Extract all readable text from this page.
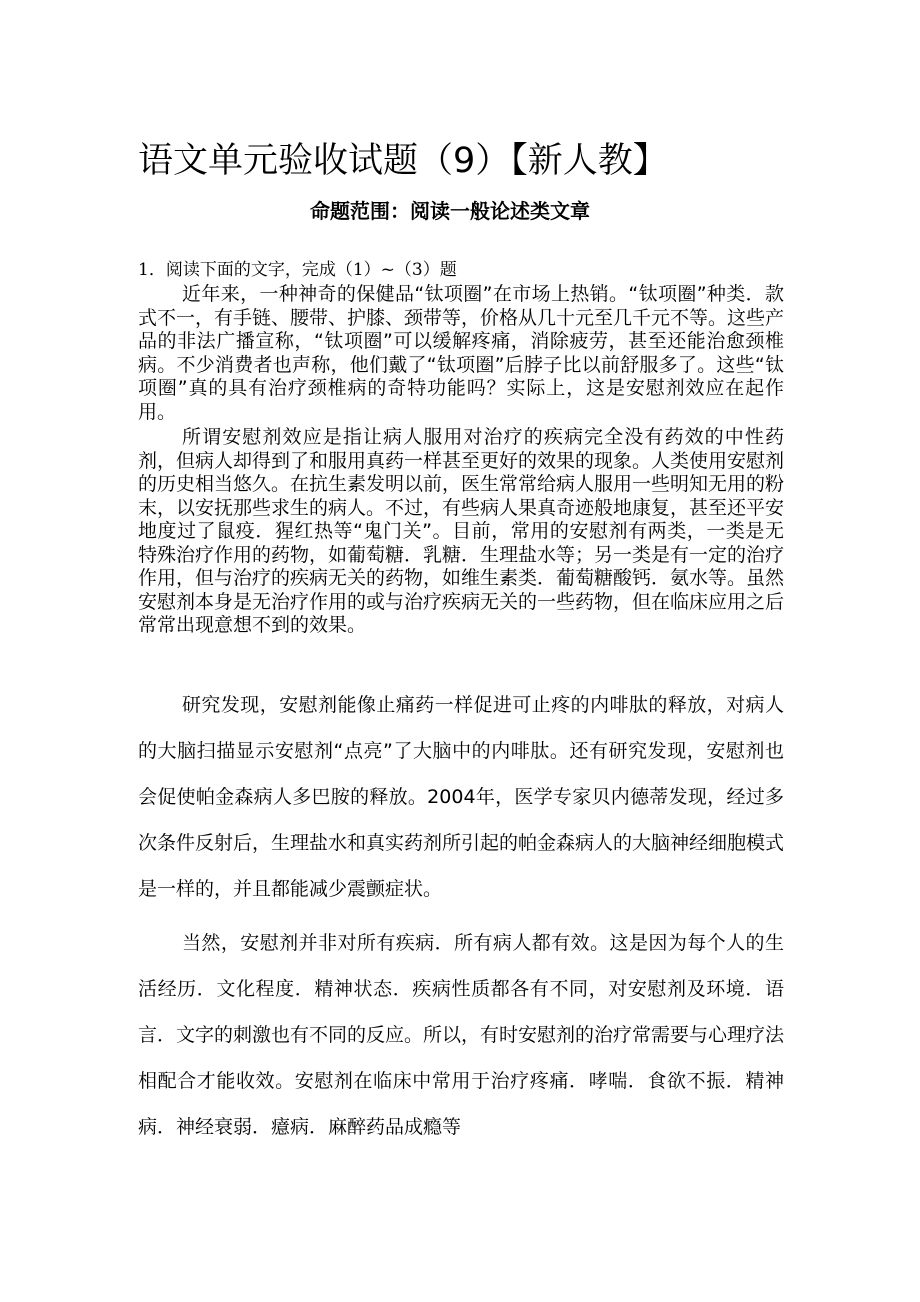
语文单元验收试题（9）【新人教】
命题范围：阅读一般论述类文章
1．阅读下面的文字，完成（1）~（3）题

近年来，一种神奇的保健品“钛项圈”在市场上热销。“钛项圈”种类．款式不一，有手链、腰带、护膝、颈带等，价格从几十元至几千元不等。这些产品的非法广播宣称，“钛项圈”可以缓解疼痛，消除疲劳，甚至还能治愈颈椎病。不少消费者也声称，他们戴了“钛项圈”后脖子比以前舒服多了。这些“钛项圈”真的具有治疗颈椎病的奇特功能吗？实际上，这是安慰剂效应在起作用。

所谓安慰剂效应是指让病人服用对治疗的疾病完全没有药效的中性药剂，但病人却得到了和服用真药一样甚至更好的效果的现象。人类使用安慰剂的历史相当悠久。在抗生素发明以前，医生常常给病人服用一些明知无用的粉末，以安抚那些求生的病人。不过，有些病人果真奇迹般地康复，甚至还平安地度过了鼠疫．猩红热等“鬼门关”。目前，常用的安慰剂有两类，一类是无特殊治疗作用的药物，如葡萄糖．乳糖．生理盐水等；另一类是有一定的治疗作用，但与治疗的疾病无关的药物，如维生素类．葡萄糖酸钙．氨水等。虽然安慰剂本身是无治疗作用的或与治疗疾病无关的一些药物，但在临床应用之后常常出现意想不到的效果。

研究发现，安慰剂能像止痛药一样促进可止疼的内啡肽的释放，对病人的大脑扫描显示安慰剂“点亮”了大脑中的内啡肽。还有研究发现，安慰剂也会促使帕金森病人多巴胺的释放。2004年，医学专家贝内德蒂发现，经过多次条件反射后，生理盐水和真实药剂所引起的帕金森病人的大脑神经细胞模式是一样的，并且都能减少震颤症状。

当然，安慰剂并非对所有疾病．所有病人都有效。这是因为每个人的生活经历．文化程度．精神状态．疾病性质都各有不同，对安慰剂及环境．语言．文字的刺激也有不同的反应。所以，有时安慰剂的治疗常需要与心理疗法相配合才能收效。安慰剂在临床中常用于治疗疼痛．哮喘．食欲不振．精神病．神经衰弱．癔病．麻醉药品成瘾等
